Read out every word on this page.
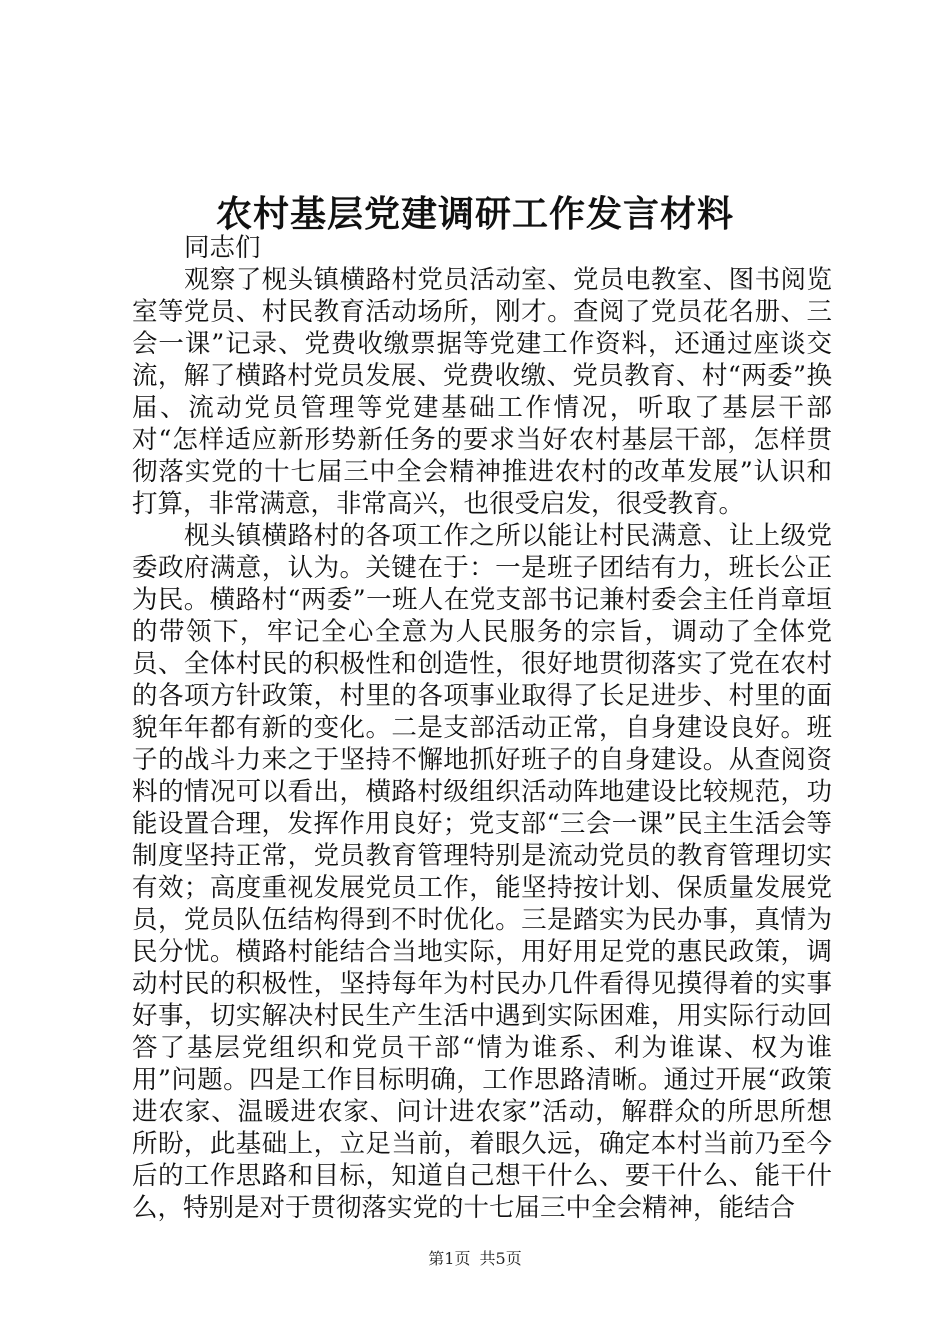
农村基层党建调研工作发言材料

同志们

观察了枧头镇横路村党员活动室、党员电教室、图书阅览室等党员、村民教育活动场所，刚才。查阅了党员花名册、三会一课”记录、党费收缴票据等党建工作资料，还通过座谈交流，解了横路村党员发展、党费收缴、党员教育、村“两委”换届、流动党员管理等党建基础工作情况，听取了基层干部对“怎样适应新形势新任务的要求当好农村基层干部，怎样贯彻落实党的十七届三中全会精神推进农村的改革发展”认识和打算，非常满意，非常高兴，也很受启发，很受教育。

枧头镇横路村的各项工作之所以能让村民满意、让上级党委政府满意，认为。关键在于：一是班子团结有力，班长公正为民。横路村“两委”一班人在党支部书记兼村委会主任肖章垣的带领下，牢记全心全意为人民服务的宗旨，调动了全体党员、全体村民的积极性和创造性，很好地贯彻落实了党在农村的各项方针政策，村里的各项事业取得了长足进步、村里的面貌年年都有新的变化。二是支部活动正常，自身建设良好。班子的战斗力来之于坚持不懈地抓好班子的自身建设。从查阅资料的情况可以看出，横路村级组织活动阵地建设比较规范，功能设置合理，发挥作用良好；党支部“三会一课”民主生活会等制度坚持正常，党员教育管理特别是流动党员的教育管理切实有效；高度重视发展党员工作，能坚持按计划、保质量发展党员，党员队伍结构得到不时优化。三是踏实为民办事，真情为民分忧。横路村能结合当地实际，用好用足党的惠民政策，调动村民的积极性，坚持每年为村民办几件看得见摸得着的实事好事，切实解决村民生产生活中遇到实际困难，用实际行动回答了基层党组织和党员干部“情为谁系、利为谁谋、权为谁用”问题。四是工作目标明确，工作思路清晰。通过开展“政策进农家、温暖进农家、问计进农家”活动，解群众的所思所想所盼，此基础上，立足当前，着眼久远，确定本村当前乃至今后的工作思路和目标，知道自己想干什么、要干什么、能干什么，特别是对于贯彻落实党的十七届三中全会精神，能结合

第1页 共5页
